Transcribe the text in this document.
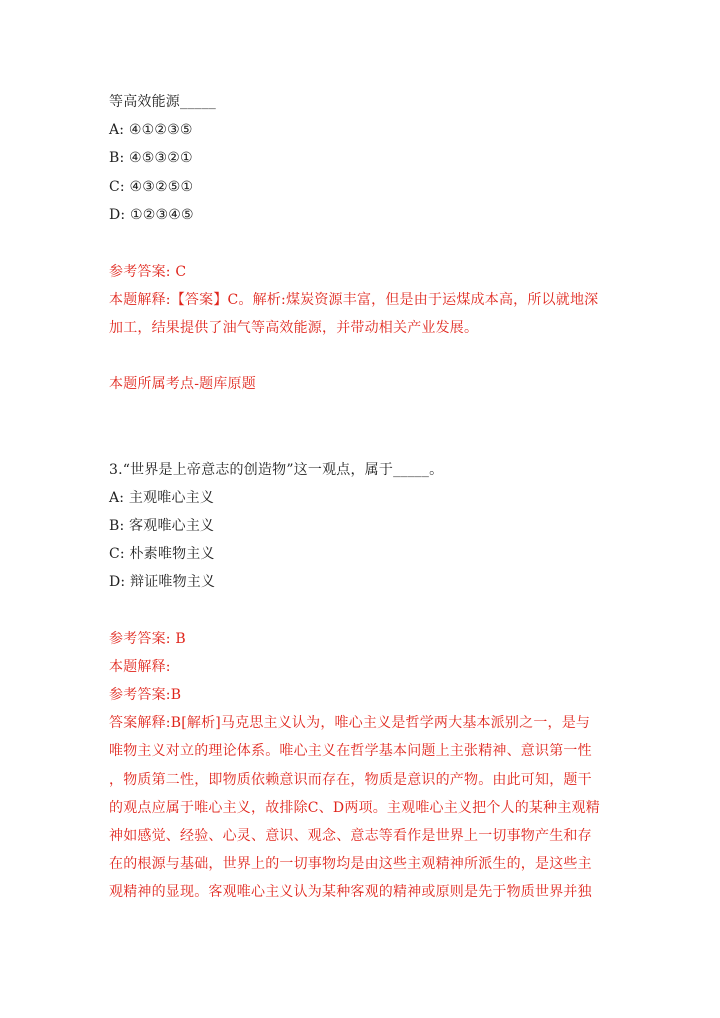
等高效能源_____
A: ④①②③⑤
B: ④⑤③②①
C: ④③②⑤①
D: ①②③④⑤
参考答案: C
本题解释:【答案】C。解析:煤炭资源丰富，但是由于运煤成本高，所以就地深
加工，结果提供了油气等高效能源，并带动相关产业发展。
本题所属考点-题库原题
3.“世界是上帝意志的创造物”这一观点，属于_____。
A: 主观唯心主义
B: 客观唯心主义
C: 朴素唯物主义
D: 辩证唯物主义
参考答案: B
本题解释:
参考答案:B
答案解释:B[解析]马克思主义认为，唯心主义是哲学两大基本派别之一，是与
唯物主义对立的理论体系。唯心主义在哲学基本问题上主张精神、意识第一性
，物质第二性，即物质依赖意识而存在，物质是意识的产物。由此可知，题干
的观点应属于唯心主义，故排除C、D两项。主观唯心主义把个人的某种主观精
神如感觉、经验、心灵、意识、观念、意志等看作是世界上一切事物产生和存
在的根源与基础，世界上的一切事物均是由这些主观精神所派生的，是这些主
观精神的显现。客观唯心主义认为某种客观的精神或原则是先于物质世界并独
